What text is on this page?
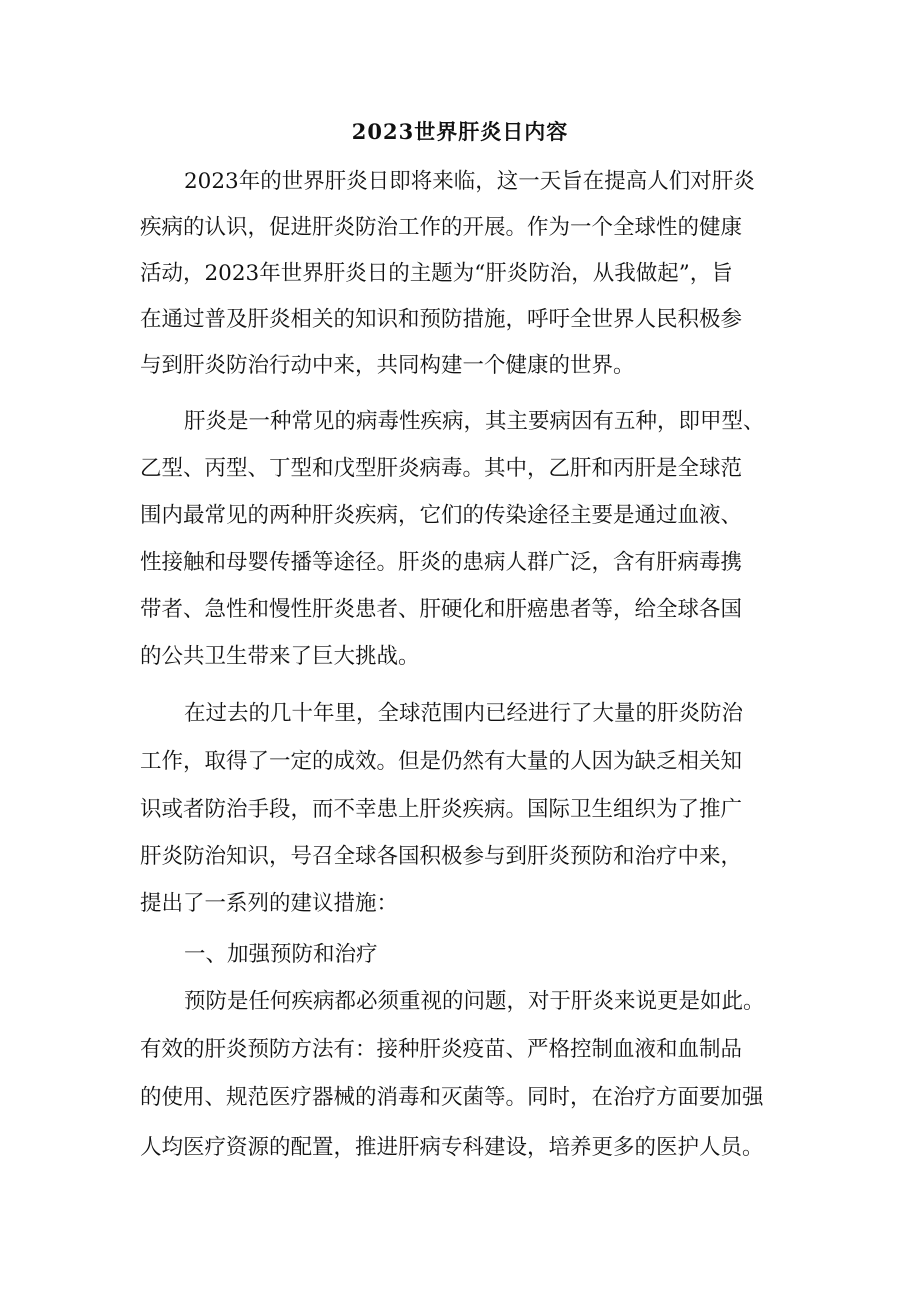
2023世界肝炎日内容

2023年的世界肝炎日即将来临，这一天旨在提高人们对肝炎

疾病的认识，促进肝炎防治工作的开展。作为一个全球性的健康

活动，2023年世界肝炎日的主题为“肝炎防治，从我做起”，旨

在通过普及肝炎相关的知识和预防措施，呼吁全世界人民积极参

与到肝炎防治行动中来，共同构建一个健康的世界。

肝炎是一种常见的病毒性疾病，其主要病因有五种，即甲型、

乙型、丙型、丁型和戊型肝炎病毒。其中，乙肝和丙肝是全球范

围内最常见的两种肝炎疾病，它们的传染途径主要是通过血液、

性接触和母婴传播等途径。肝炎的患病人群广泛，含有肝病毒携

带者、急性和慢性肝炎患者、肝硬化和肝癌患者等，给全球各国

的公共卫生带来了巨大挑战。

在过去的几十年里，全球范围内已经进行了大量的肝炎防治

工作，取得了一定的成效。但是仍然有大量的人因为缺乏相关知

识或者防治手段，而不幸患上肝炎疾病。国际卫生组织为了推广

肝炎防治知识，号召全球各国积极参与到肝炎预防和治疗中来，

提出了一系列的建议措施：

一、加强预防和治疗

预防是任何疾病都必须重视的问题，对于肝炎来说更是如此。

有效的肝炎预防方法有：接种肝炎疫苗、严格控制血液和血制品

的使用、规范医疗器械的消毒和灭菌等。同时，在治疗方面要加强

人均医疗资源的配置，推进肝病专科建设，培养更多的医护人员。
